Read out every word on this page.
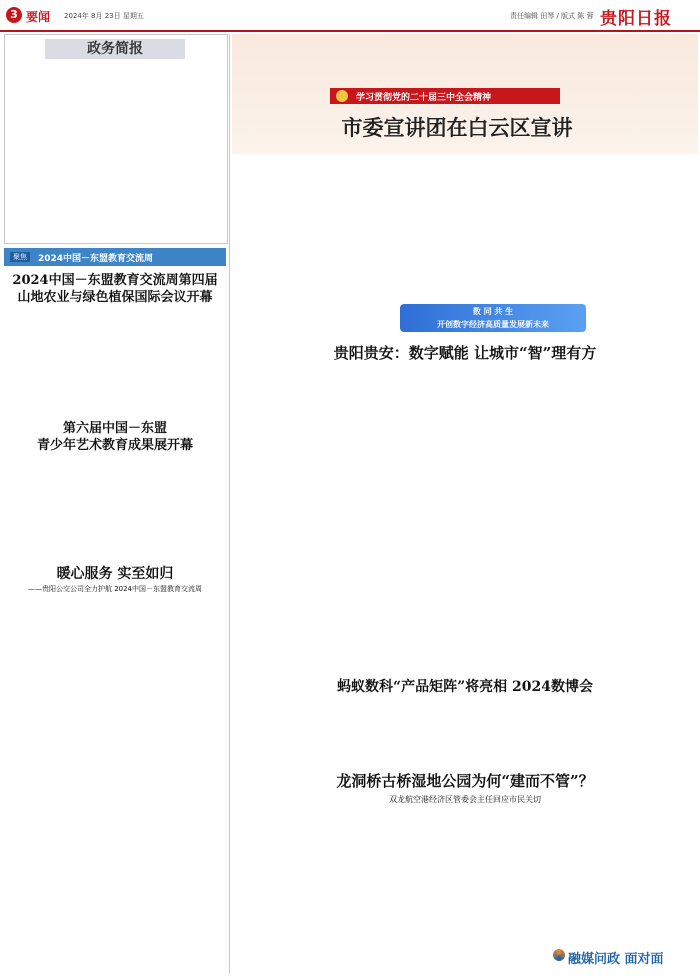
3 要闻 2024年 8月 23日 星期五	责任编辑 田琴 / 版式 陈 蓉 贵阳日报
政务简报
聚焦	2024中国－东盟教育交流周
2024中国－东盟教育交流周第四届
山地农业与绿色植保国际会议开幕
第六届中国－东盟
青少年艺术教育成果展开幕
暖心服务 实至如归
——贵阳公交公司全力护航 2024中国－东盟教育交流周
学习贯彻党的二十届三中全会精神
市委宣讲团在白云区宣讲
数 同 共 生
开创数字经济高质量发展新未来
贵阳贵安：数字赋能 让城市“智”理有方
蚂蚁数科“产品矩阵”将亮相 2024数博会
龙洞桥古桥湿地公园为何“建而不管”？
双龙航空港经济区管委会主任回应市民关切
融媒问政 面对面
